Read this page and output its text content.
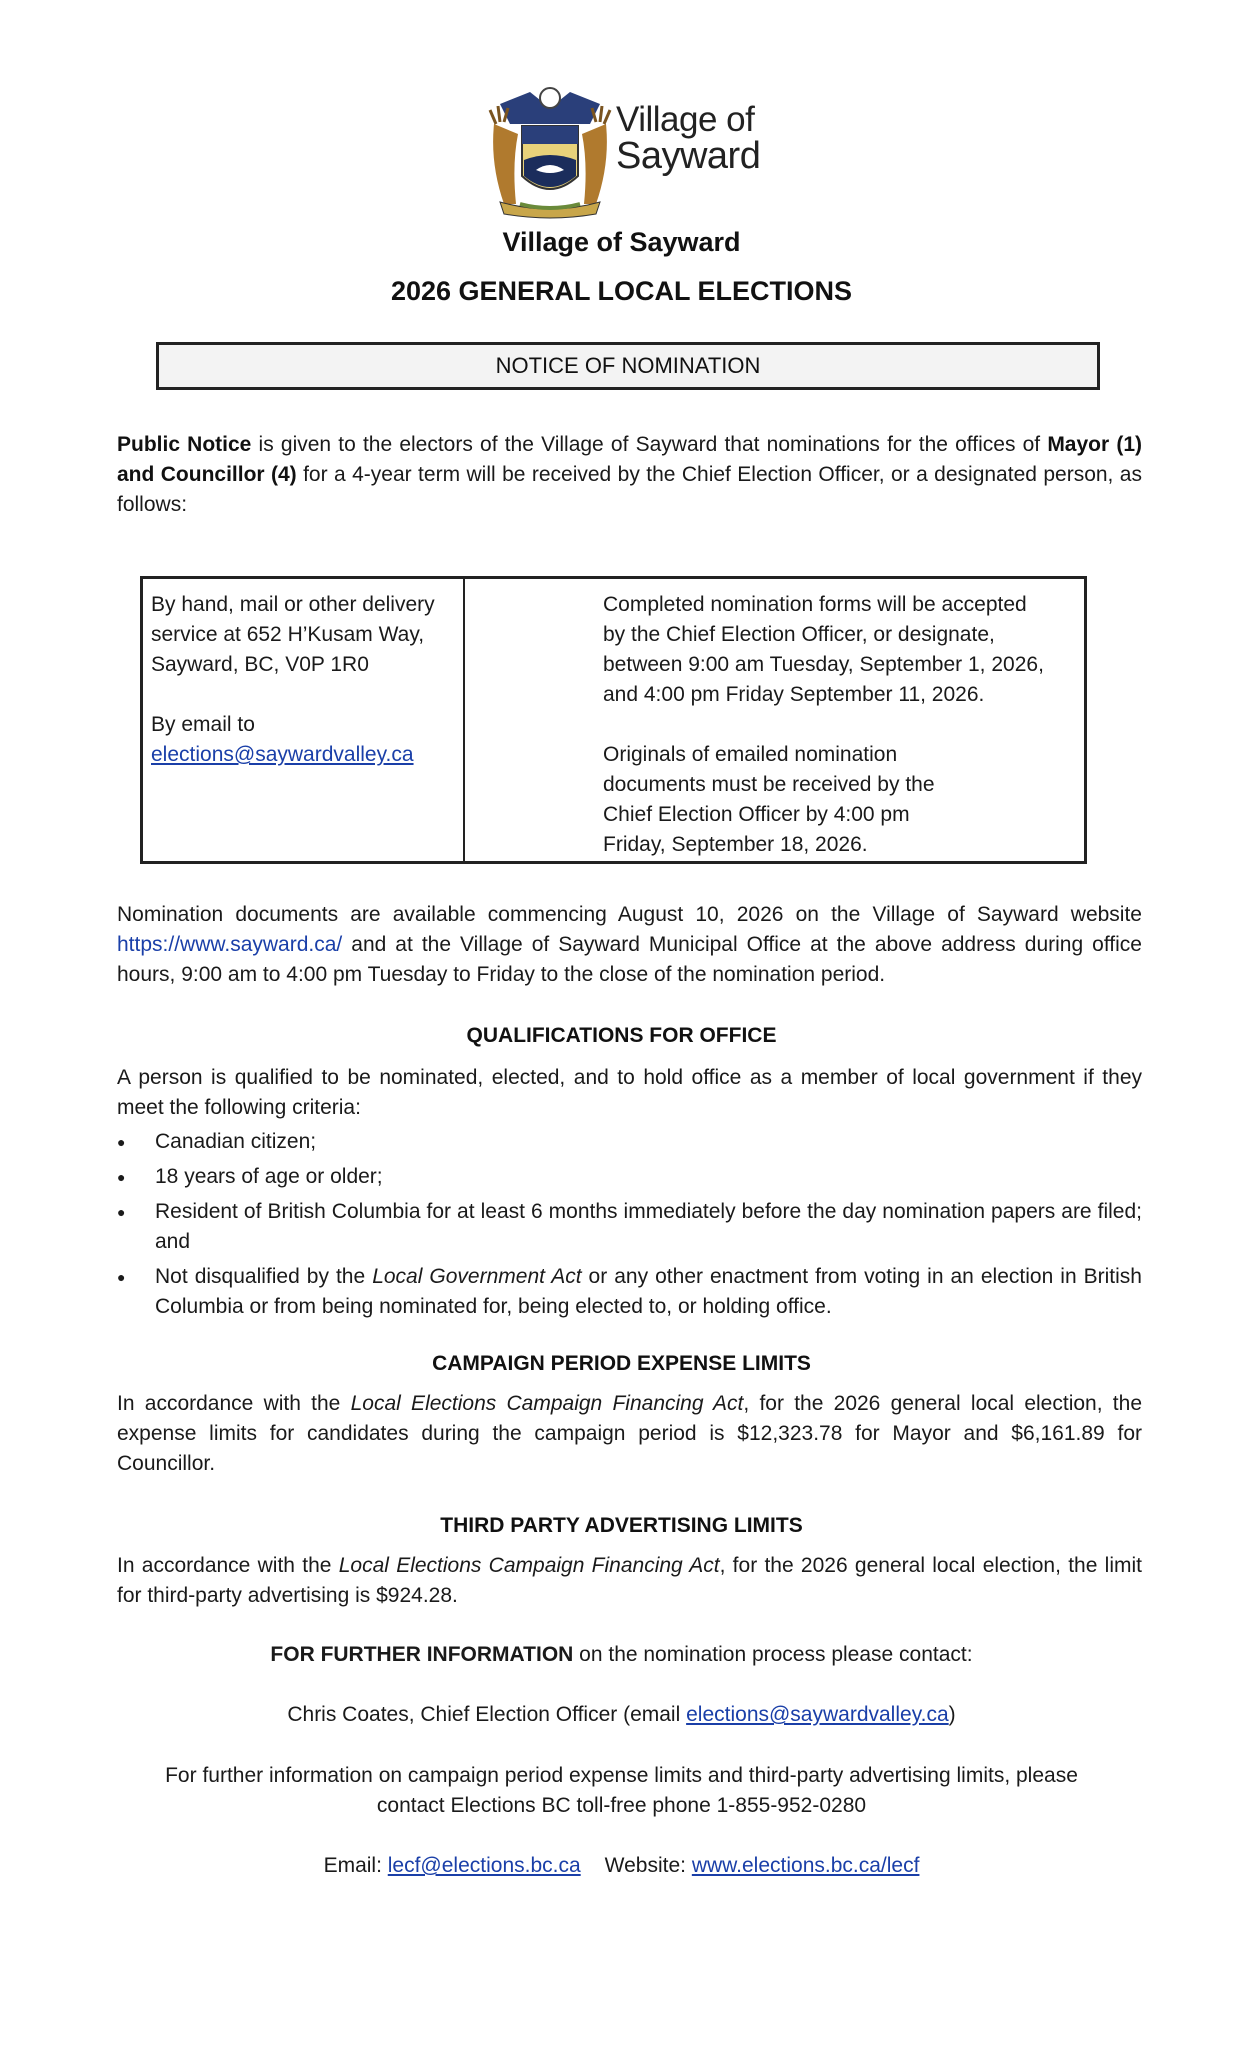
Village of
Sayward
Village of Sayward
2026 GENERAL LOCAL ELECTIONS
NOTICE OF NOMINATION
Public Notice is given to the electors of the Village of Sayward that nominations for the offices of Mayor (1) and Councillor (4) for a 4-year term will be received by the Chief Election Officer, or a designated person, as follows:
By hand, mail or other delivery
service at 652 H’Kusam Way,
Sayward, BC, V0P 1R0
By email to
elections@saywardvalley.ca
Completed nomination forms will be accepted
by the Chief Election Officer, or designate,
between 9:00 am Tuesday, September 1, 2026,
and 4:00 pm Friday September 11, 2026.
Originals of emailed nomination
documents must be received by the
Chief Election Officer by 4:00 pm
Friday, September 18, 2026.
Nomination documents are available commencing August 10, 2026 on the Village of Sayward website https://www.sayward.ca/ and at the Village of Sayward Municipal Office at the above address during office hours, 9:00 am to 4:00 pm Tuesday to Friday to the close of the nomination period.
QUALIFICATIONS FOR OFFICE
A person is qualified to be nominated, elected, and to hold office as a member of local government if they meet the following criteria:
● Canadian citizen;
● 18 years of age or older;
● Resident of British Columbia for at least 6 months immediately before the day nomination papers are filed; and
● Not disqualified by the Local Government Act or any other enactment from voting in an election in British Columbia or from being nominated for, being elected to, or holding office.
CAMPAIGN PERIOD EXPENSE LIMITS
In accordance with the Local Elections Campaign Financing Act, for the 2026 general local election, the expense limits for candidates during the campaign period is $12,323.78 for Mayor and $6,161.89 for Councillor.
THIRD PARTY ADVERTISING LIMITS
In accordance with the Local Elections Campaign Financing Act, for the 2026 general local election, the limit for third-party advertising is $924.28.
FOR FURTHER INFORMATION on the nomination process please contact:
Chris Coates, Chief Election Officer (email elections@saywardvalley.ca)
For further information on campaign period expense limits and third-party advertising limits, please
contact Elections BC toll-free phone 1-855-952-0280
Email: lecf@elections.bc.ca Website: www.elections.bc.ca/lecf
